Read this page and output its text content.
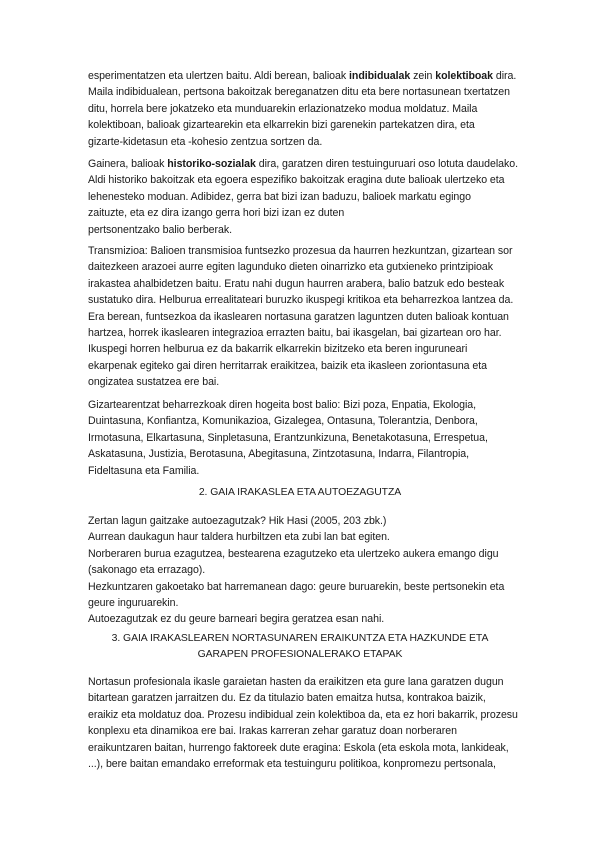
esperimentatzen eta ulertzen baitu. Aldi berean, balioak indibidualak zein kolektiboak dira.
Maila indibidualean, pertsona bakoitzak bereganatzen ditu eta bere nortasunean txertatzen
ditu, horrela bere jokatzeko eta munduarekin erlazionatzeko modua moldatuz. Maila
kolektiboan, balioak gizartearekin eta elkarrekin bizi garenekin partekatzen dira, eta
gizarte-kidetasun eta -kohesio zentzua sortzen da.
Gainera, balioak historiko-sozialak dira, garatzen diren testuinguruari oso lotuta daudelako.
Aldi historiko bakoitzak eta egoera espezifiko bakoitzak eragina dute balioak ulertzeko eta
lehenesteko moduan. Adibidez, gerra bat bizi izan baduzu, balioek markatu egingo
zaituzte, eta ez dira izango gerra hori bizi izan ez duten
pertsonentzako balio berberak.
Transmizioa: Balioen transmisioa funtsezko prozesua da haurren hezkuntzan, gizartean sor
daitezkeen arazoei aurre egiten lagunduko dieten oinarrizko eta gutxieneko printzipioak
irakastea ahalbidetzen baitu. Eratu nahi dugun haurren arabera, balio batzuk edo besteak
sustatuko dira. Helburua errealitateari buruzko ikuspegi kritikoa eta beharrezkoa lantzea da.
Era berean, funtsezkoa da ikaslearen nortasuna garatzen laguntzen duten balioak kontuan
hartzea, horrek ikaslearen integrazioa errazten baitu, bai ikasgelan, bai gizartean oro har.
Ikuspegi horren helburua ez da bakarrik elkarrekin bizitzeko eta beren inguruneari
ekarpenak egiteko gai diren herritarrak eraikitzea, baizik eta ikasleen zoriontasuna eta
ongizatea sustatzea ere bai.
Gizartearentzat beharrezkoak diren hogeita bost balio: Bizi poza, Enpatia, Ekologia,
Duintasuna, Konfiantza, Komunikazioa, Gizalegea, Ontasuna, Tolerantzia, Denbora,
Irmotasuna, Elkartasuna, Sinpletasuna, Erantzunkizuna, Benetakotasuna, Errespetua,
Askatasuna, Justizia, Berotasuna, Abegitasuna, Zintzotasuna, Indarra, Filantropia,
Fideltasuna eta Familia.
2. GAIA IRAKASLEA ETA AUTOEZAGUTZA
Zertan lagun gaitzake autoezagutzak? Hik Hasi (2005, 203 zbk.)
Aurrean daukagun haur taldera hurbiltzen eta zubi lan bat egiten.
Norberaren burua ezagutzea, bestearena ezagutzeko eta ulertzeko aukera emango digu
(sakonago eta errazago).
Hezkuntzaren gakoetako bat harremanean dago: geure buruarekin, beste pertsonekin eta
geure inguruarekin.
Autoezagutzak ez du geure barneari begira geratzea esan nahi.
3. GAIA IRAKASLEAREN NORTASUNAREN ERAIKUNTZA ETA HAZKUNDE ETA
GARAPEN PROFESIONALERAKO ETAPAK
Nortasun profesionala ikasle garaietan hasten da eraikitzen eta gure lana garatzen dugun
bitartean garatzen jarraitzen du. Ez da titulazio baten emaitza hutsa, kontrakoa baizik,
eraikiz eta moldatuz doa. Prozesu indibidual zein kolektiboa da, eta ez hori bakarrik, prozesu
konplexu eta dinamikoa ere bai. Irakas karreran zehar garatuz doan norberaren
eraikuntzaren baitan, hurrengo faktoreek dute eragina: Eskola (eta eskola mota, lankideak,
...), bere baitan emandako erreformak eta testuinguru politikoa, konpromezu pertsonala,
